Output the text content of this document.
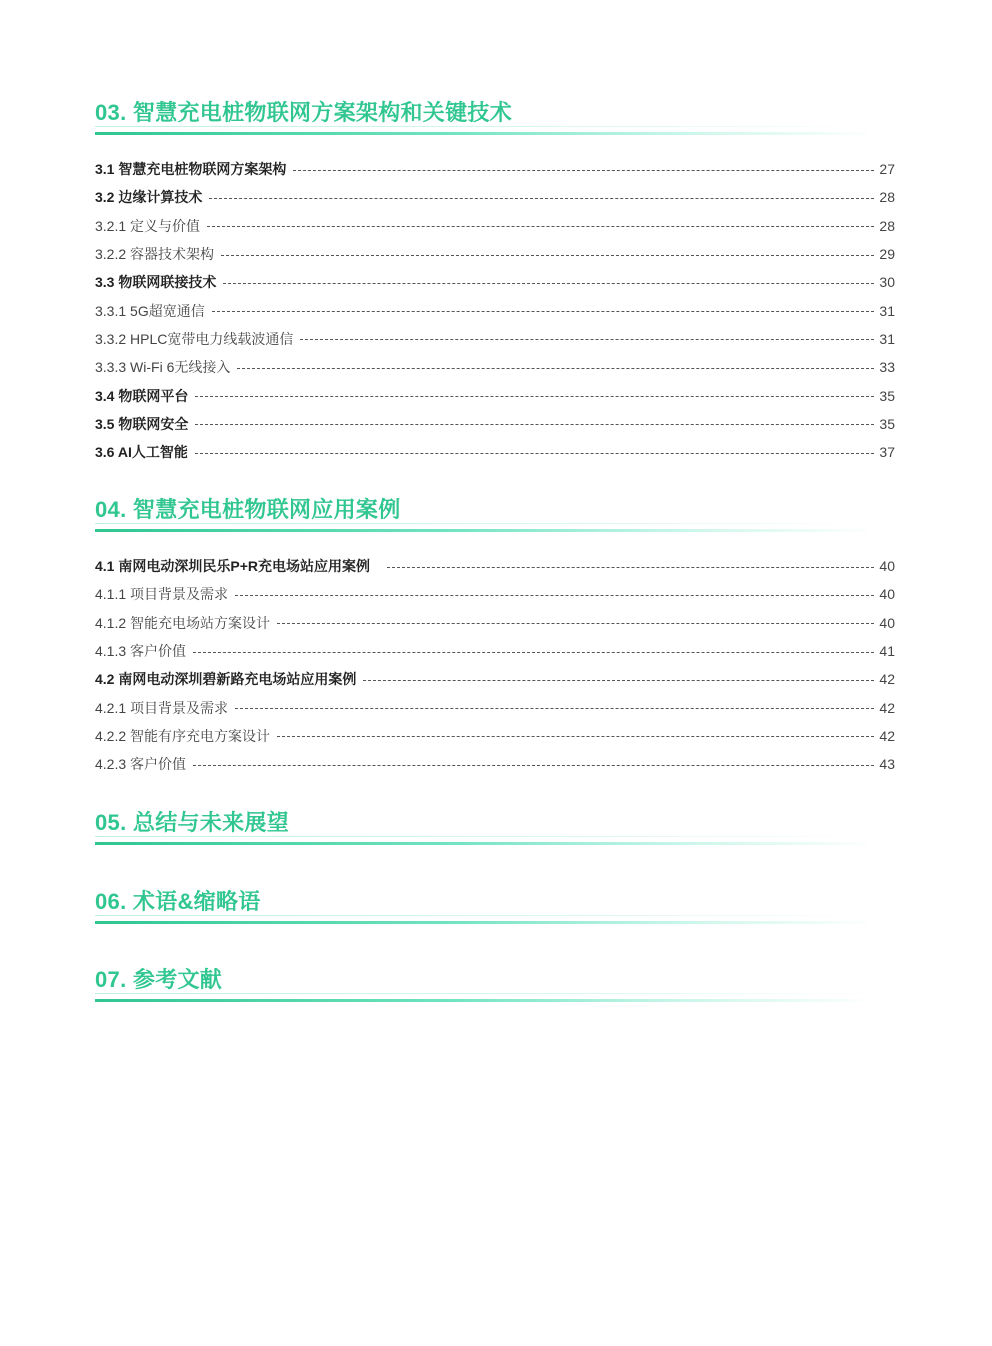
03. 智慧充电桩物联网方案架构和关键技术
3.1 智慧充电桩物联网方案架构	27
3.2 边缘计算技术	28
3.2.1 定义与价值	28
3.2.2 容器技术架构	29
3.3 物联网联接技术	30
3.3.1 5G超宽通信	31
3.3.2 HPLC宽带电力线载波通信	31
3.3.3 Wi-Fi 6无线接入	33
3.4 物联网平台	35
3.5 物联网安全	35
3.6 AI人工智能	37
04. 智慧充电桩物联网应用案例
4.1 南网电动深圳民乐P+R充电场站应用案例	40
4.1.1 项目背景及需求	40
4.1.2 智能充电场站方案设计	40
4.1.3 客户价值	41
4.2 南网电动深圳碧新路充电场站应用案例	42
4.2.1 项目背景及需求	42
4.2.2 智能有序充电方案设计	42
4.2.3 客户价值	43
05. 总结与未来展望
06. 术语&缩略语
07. 参考文献
